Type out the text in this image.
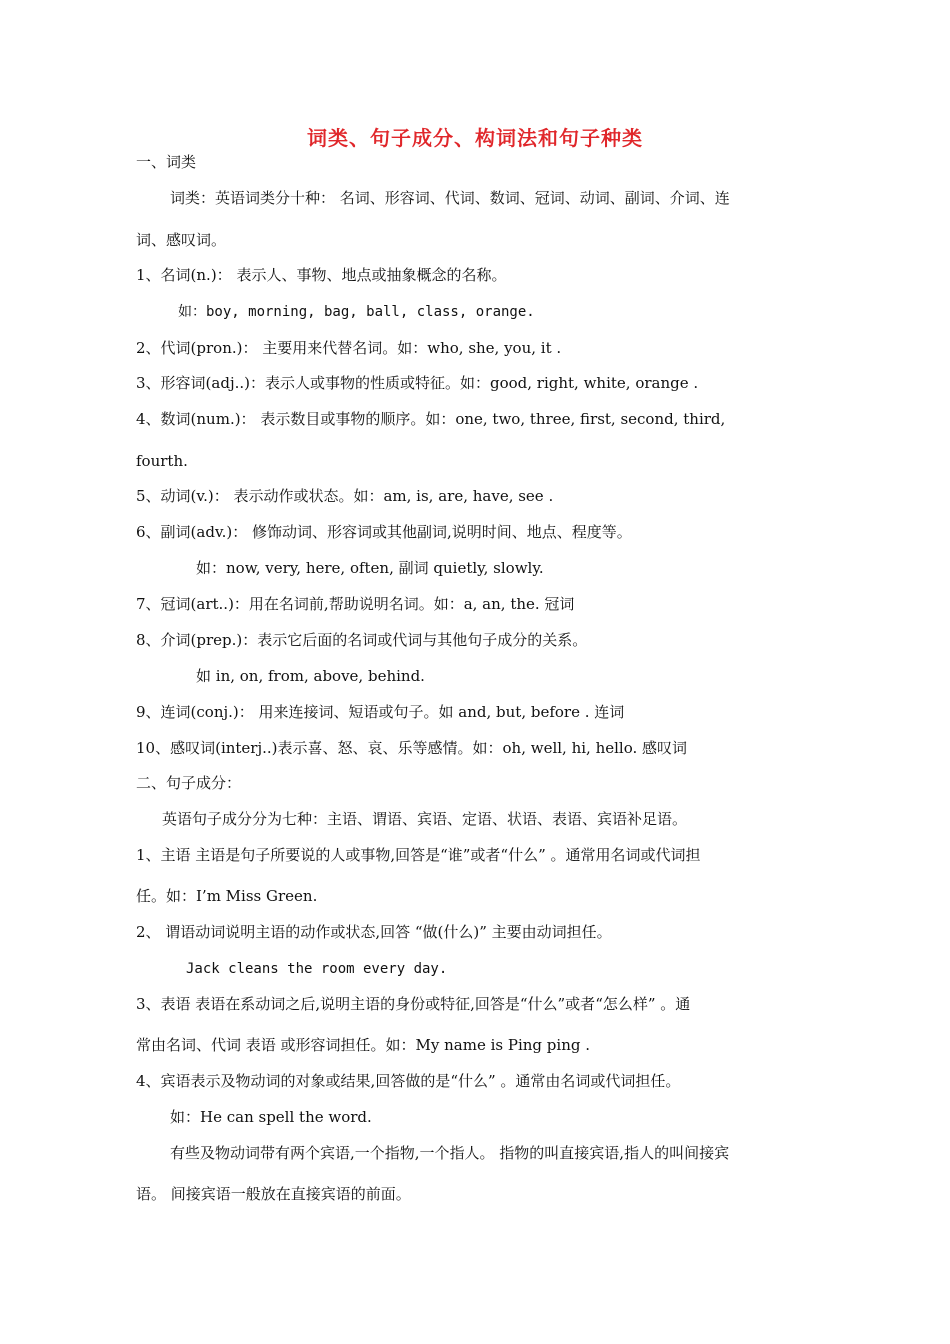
词类、句子成分、构词法和句子种类
一、词类
词类：英语词类分十种： 名词、形容词、代词、数词、冠词、动词、副词、介词、连
词、感叹词。
1、名词(n.)： 表示人、事物、地点或抽象概念的名称。
如：boy, morning, bag, ball, class, orange.
2、代词(pron.)： 主要用来代替名词。如：who, she, you, it .
3、形容词(adj..)：表示人或事物的性质或特征。如：good, right, white, orange .
4、数词(num.)： 表示数目或事物的顺序。如：one, two, three, first, second, third,
fourth.
5、动词(v.)： 表示动作或状态。如：am, is, are, have, see .
6、副词(adv.)： 修饰动词、形容词或其他副词,说明时间、地点、程度等。
如：now, very, here, often, 副词 quietly, slowly.
7、冠词(art..)：用在名词前,帮助说明名词。如：a, an, the. 冠词
8、介词(prep.)：表示它后面的名词或代词与其他句子成分的关系。
如 in, on, from, above, behind.
9、连词(conj.)： 用来连接词、短语或句子。如 and, but, before . 连词
10、感叹词(interj..)表示喜、怒、哀、乐等感情。如：oh, well, hi, hello. 感叹词
二、句子成分：
英语句子成分分为七种：主语、谓语、宾语、定语、状语、表语、宾语补足语。
1、主语 主语是句子所要说的人或事物,回答是“谁”或者“什么” 。通常用名词或代词担
任。如：I’m Miss Green.
2、 谓语动词说明主语的动作或状态,回答 “做(什么)” 主要由动词担任。
Jack cleans the room every day.
3、表语 表语在系动词之后,说明主语的身份或特征,回答是“什么”或者“怎么样” 。通
常由名词、代词 表语 或形容词担任。如：My name is Ping ping .
4、宾语表示及物动词的对象或结果,回答做的是“什么” 。通常由名词或代词担任。
如：He can spell the word.
有些及物动词带有两个宾语,一个指物,一个指人。 指物的叫直接宾语,指人的叫间接宾
语。 间接宾语一般放在直接宾语的前面。
